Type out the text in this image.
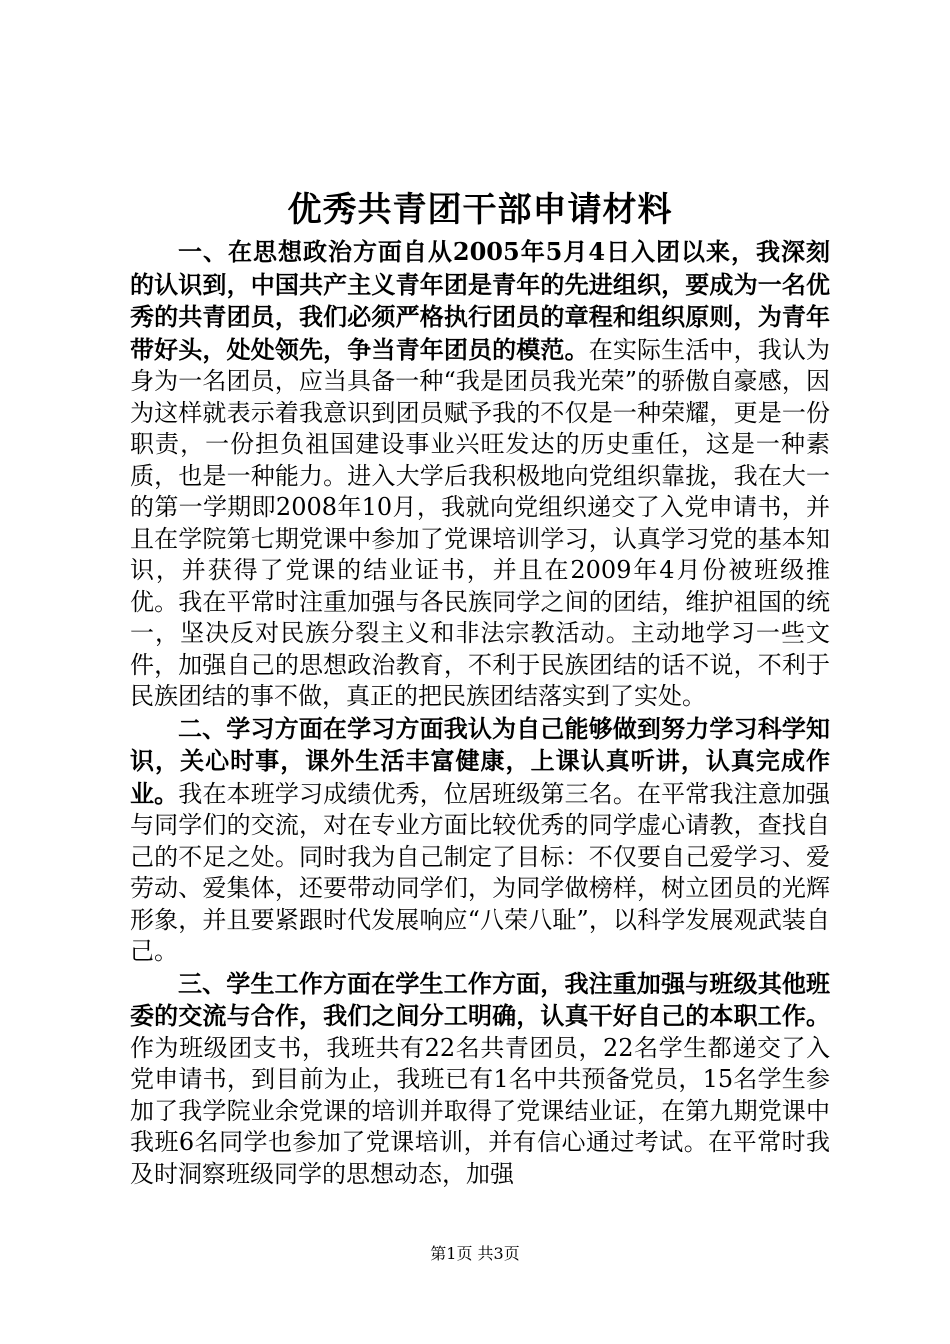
优秀共青团干部申请材料

一、在思想政治方面自从2005年5月4日入团以来，我深刻的认识到，中国共产主义青年团是青年的先进组织，要成为一名优秀的共青团员，我们必须严格执行团员的章程和组织原则，为青年带好头，处处领先，争当青年团员的模范。在实际生活中，我认为身为一名团员，应当具备一种“我是团员我光荣”的骄傲自豪感，因为这样就表示着我意识到团员赋予我的不仅是一种荣耀，更是一份职责，一份担负祖国建设事业兴旺发达的历史重任，这是一种素质，也是一种能力。进入大学后我积极地向党组织靠拢，我在大一的第一学期即2008年10月，我就向党组织递交了入党申请书，并且在学院第七期党课中参加了党课培训学习，认真学习党的基本知识，并获得了党课的结业证书，并且在2009年4月份被班级推优。我在平常时注重加强与各民族同学之间的团结，维护祖国的统一，坚决反对民族分裂主义和非法宗教活动。主动地学习一些文件，加强自己的思想政治教育，不利于民族团结的话不说，不利于民族团结的事不做，真正的把民族团结落实到了实处。

二、学习方面在学习方面我认为自己能够做到努力学习科学知识，关心时事，课外生活丰富健康，上课认真听讲，认真完成作业。我在本班学习成绩优秀，位居班级第三名。在平常我注意加强与同学们的交流，对在专业方面比较优秀的同学虚心请教，查找自己的不足之处。同时我为自己制定了目标：不仅要自己爱学习、爱劳动、爱集体，还要带动同学们，为同学做榜样，树立团员的光辉形象，并且要紧跟时代发展响应“八荣八耻”，以科学发展观武装自己。

三、学生工作方面在学生工作方面，我注重加强与班级其他班委的交流与合作，我们之间分工明确，认真干好自己的本职工作。作为班级团支书，我班共有22名共青团员，22名学生都递交了入党申请书，到目前为止，我班已有1名中共预备党员，15名学生参加了我学院业余党课的培训并取得了党课结业证，在第九期党课中我班6名同学也参加了党课培训，并有信心通过考试。在平常时我及时洞察班级同学的思想动态，加强

第1页 共3页
